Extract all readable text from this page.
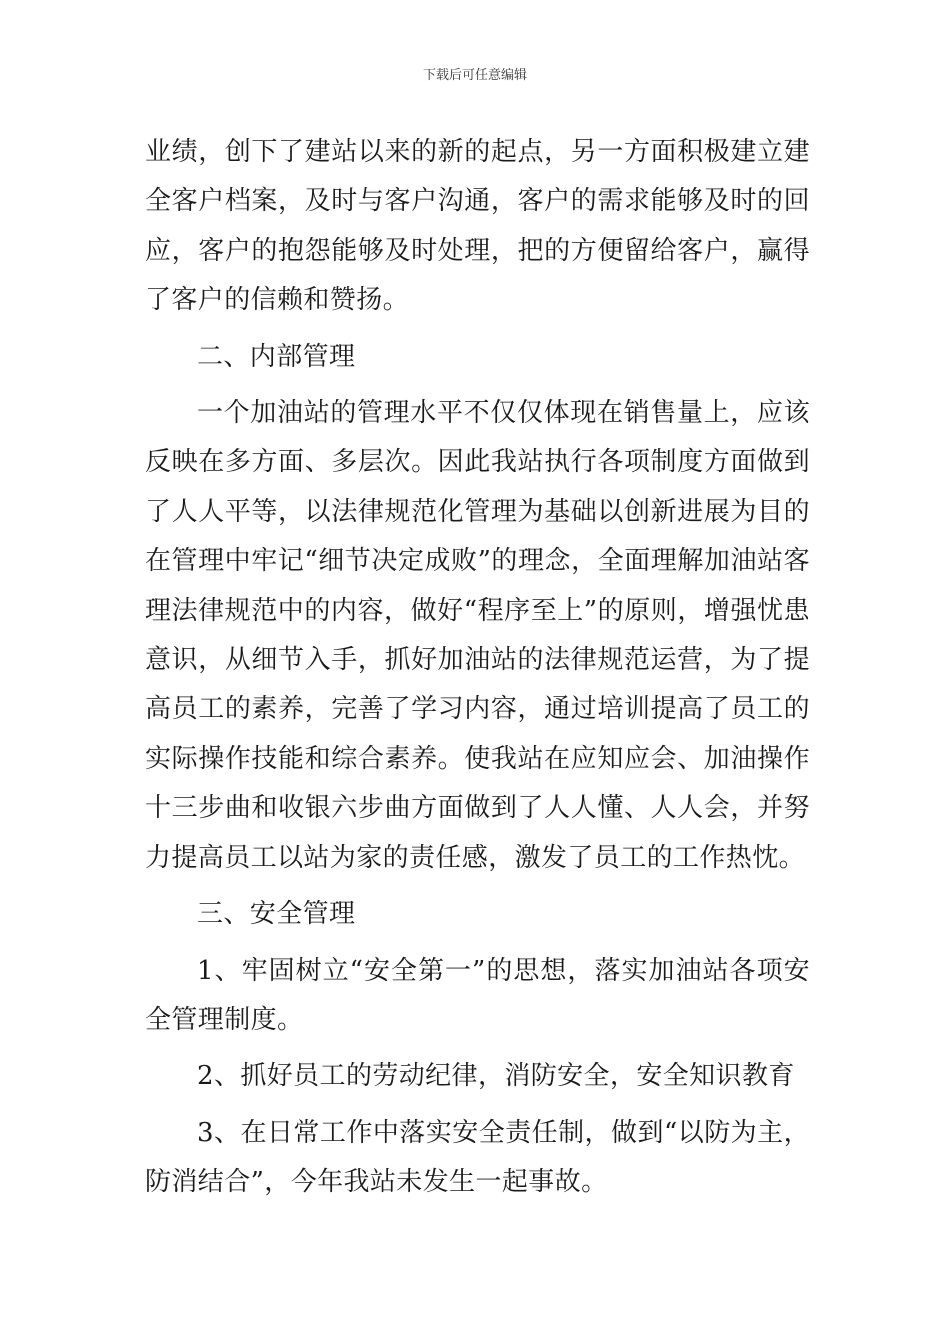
下载后可任意编辑

业绩，创下了建站以来的新的起点，另一方面积极建立建全客户档案，及时与客户沟通，客户的需求能够及时的回应，客户的抱怨能够及时处理，把的方便留给客户，赢得了客户的信赖和赞扬。

二、内部管理

一个加油站的管理水平不仅仅体现在销售量上，应该反映在多方面、多层次。因此我站执行各项制度方面做到了人人平等，以法律规范化管理为基础以创新进展为目的在管理中牢记“细节决定成败”的理念，全面理解加油站客理法律规范中的内容，做好“程序至上”的原则，增强忧患意识，从细节入手，抓好加油站的法律规范运营，为了提高员工的素养，完善了学习内容，通过培训提高了员工的实际操作技能和综合素养。使我站在应知应会、加油操作十三步曲和收银六步曲方面做到了人人懂、人人会，并努力提高员工以站为家的责任感，激发了员工的工作热忱。

三、安全管理

1、牢固树立“安全第一”的思想，落实加油站各项安全管理制度。

2、抓好员工的劳动纪律，消防安全，安全知识教育

3、在日常工作中落实安全责任制，做到“以防为主，防消结合”，今年我站未发生一起事故。
